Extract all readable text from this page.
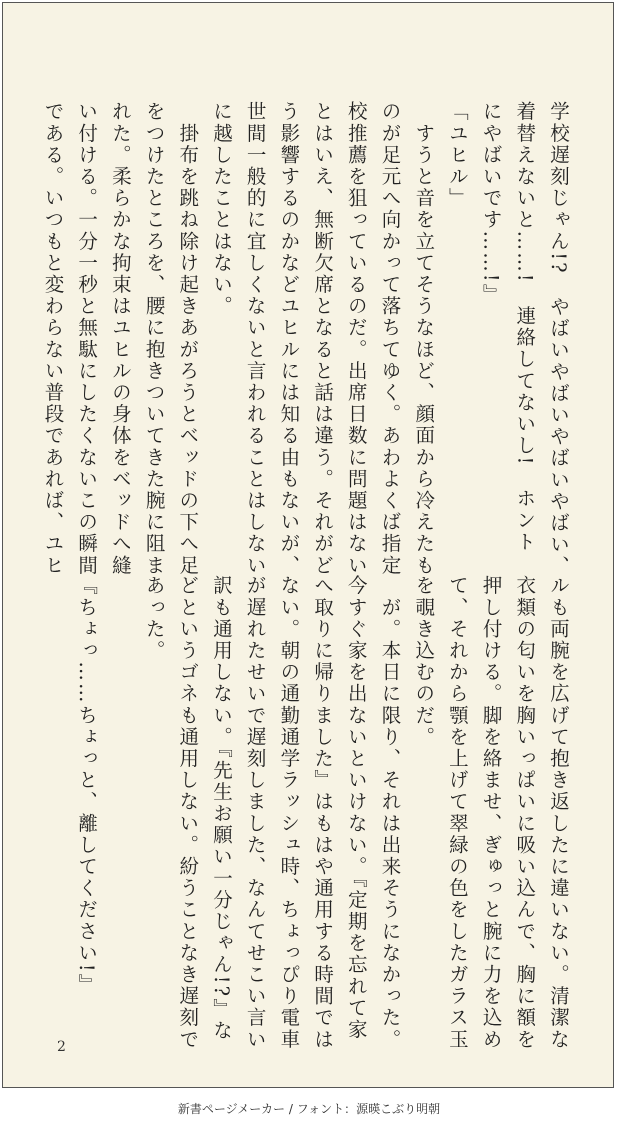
学校遅刻じゃん!?　やばいやばいやばいやばい、
着替えないと……!　連絡してないし!　ホント
にやばいです……!』
「ユヒル」
　すうと音を立てそうなほど、顔面から冷えたも
のが足元へ向かって落ちてゆく。あわよくば指定
校推薦を狙っているのだ。出席日数に問題はない
とはいえ、無断欠席となると話は違う。それがど
う影響するのかなどユヒルには知る由もないが、
世間一般的に宜しくないと言われることはしない
に越したことはない。
　掛布を跳ね除け起きあがろうとベッドの下へ足
をつけたところを、腰に抱きついてきた腕に阻ま
れた。柔らかな拘束はユヒルの身体をベッドへ縫
い付ける。一分一秒と無駄にしたくないこの瞬間
である。いつもと変わらない普段であれば、ユヒ
ルも両腕を広げて抱き返したに違いない。清潔な
衣類の匂いを胸いっぱいに吸い込んで、胸に額を
押し付ける。脚を絡ませ、ぎゅっと腕に力を込め
て、それから顎を上げて翠緑の色をしたガラス玉
を覗き込むのだ。
　が。本日に限り、それは出来そうになかった。
今すぐ家を出ないといけない。『定期を忘れて家
へ取りに帰りました』はもはや通用する時間では
ない。朝の通勤通学ラッシュ時、ちょっぴり電車
が遅れたせいで遅刻しました、なんてせこい言い
訳も通用しない。『先生お願い一分じゃん!?』な
どというゴネも通用しない。紛うことなき遅刻で
あった。

『ちょっ……ちょっと、離してください!』
2
新書ページメーカー / フォント：源暎こぶり明朝
